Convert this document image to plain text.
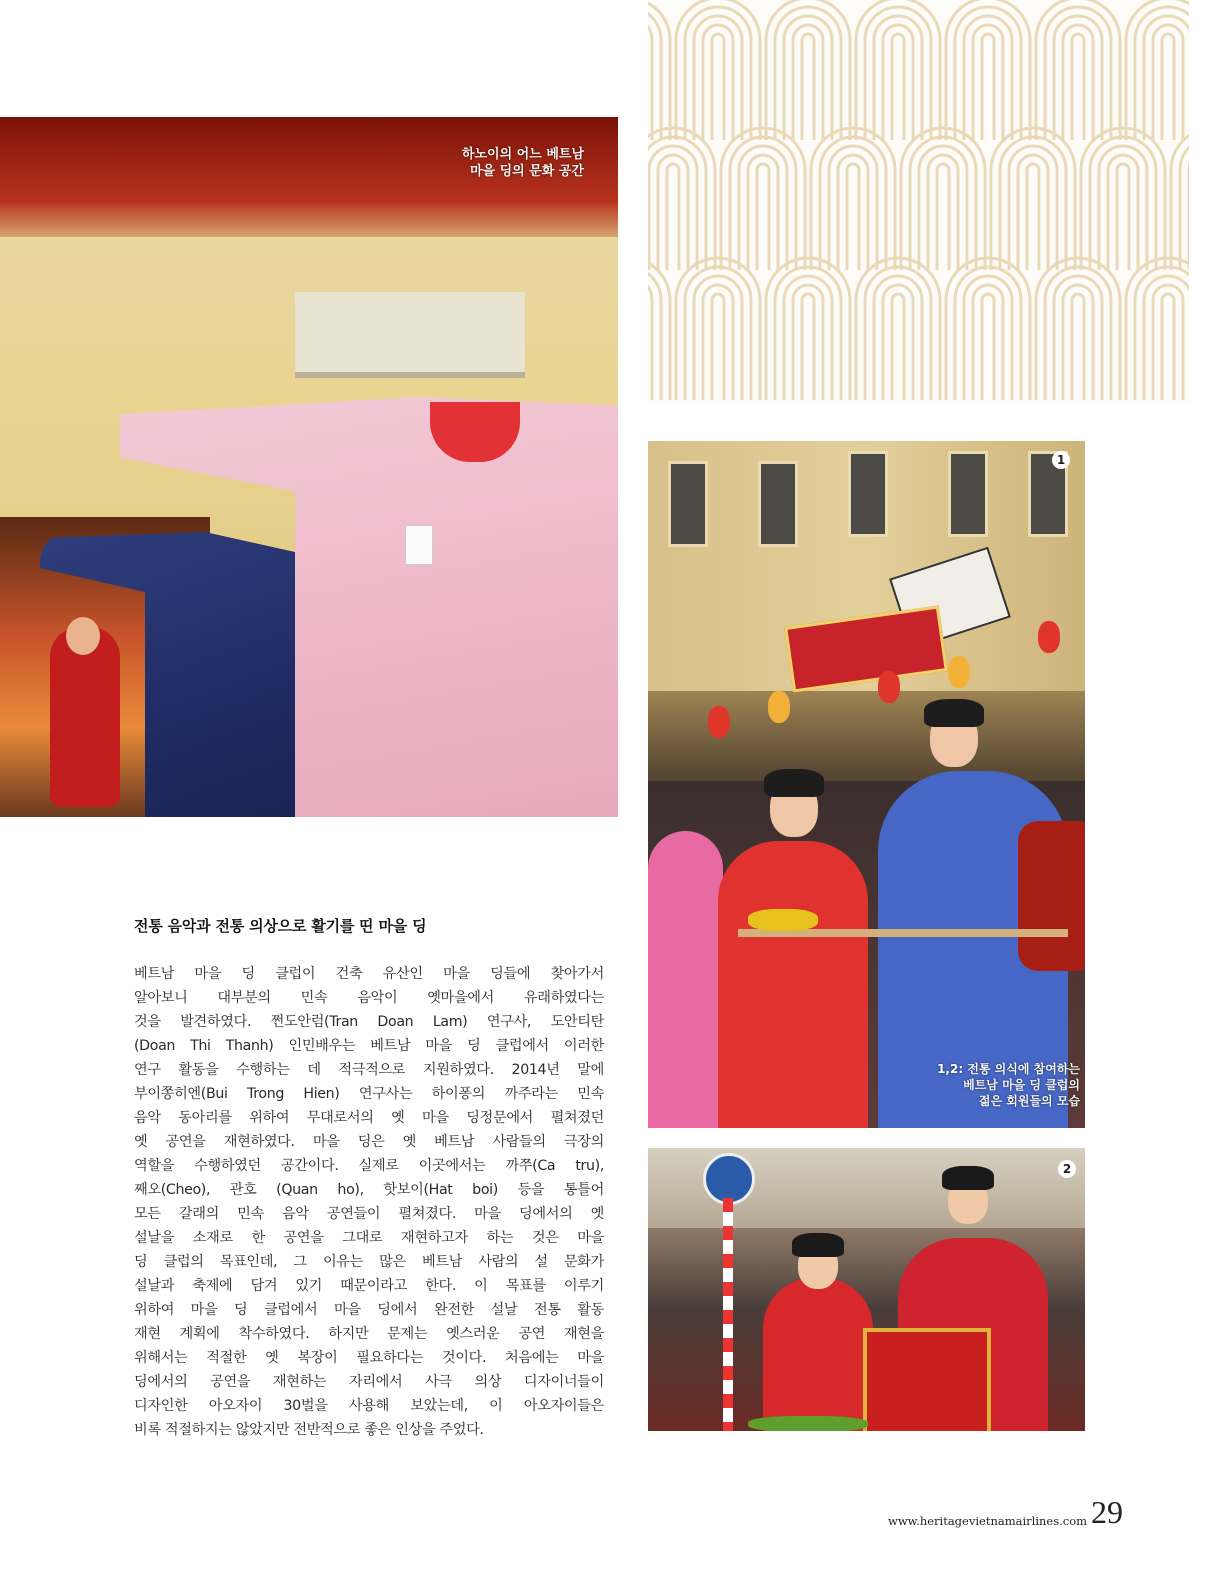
하노이의 어느 베트남
마을 딩의 문화 공간
1
1,2: 전통 의식에 참여하는
베트남 마을 딩 클럽의
젊은 회원들의 모습
2
전통 음악과 전통 의상으로 활기를 띤 마을 딩
베트남 마을 딩 클럽이 건축 유산인 마을 딩들에 찾아가서
알아보니 대부분의 민속 음악이 옛마을에서 유래하였다는
것을 발견하였다. 쩐도안럼(Tran Doan Lam) 연구사, 도안티탄
(Doan Thi Thanh) 인민배우는 베트남 마을 딩 클럽에서 이러한
연구 활동을 수행하는 데 적극적으로 지원하였다. 2014년 말에
부이쫑히엔(Bui Trong Hien) 연구사는 하이퐁의 까주라는 민속
음악 동아리를 위하여 무대로서의 옛 마을 딩정문에서 펼쳐졌던
옛 공연을 재현하였다. 마을 딩은 옛 베트남 사람들의 극장의
역할을 수행하였던 공간이다. 실제로 이곳에서는 까쭈(Ca tru),
째오(Cheo), 관호 (Quan ho), 핫보이(Hat boi) 등을 통틀어
모든 갈래의 민속 음악 공연들이 펼쳐졌다. 마을 딩에서의 옛
설날을 소재로 한 공연을 그대로 재현하고자 하는 것은 마을
딩 클럽의 목표인데, 그 이유는 많은 베트남 사람의 설 문화가
설날과 축제에 담겨 있기 때문이라고 한다. 이 목표를 이루기
위하여 마을 딩 클럽에서 마을 딩에서 완전한 설날 전통 활동
재현 계획에 착수하였다. 하지만 문제는 옛스러운 공연 재현을
위해서는 적절한 옛 복장이 필요하다는 것이다. 처음에는 마을
딩에서의 공연을 재현하는 자리에서 사극 의상 디자이너들이
디자인한 아오자이 30벌을 사용해 보았는데, 이 아오자이들은
비록 적절하지는 않았지만 전반적으로 좋은 인상을 주었다.
www.heritagevietnamairlines.com 29
